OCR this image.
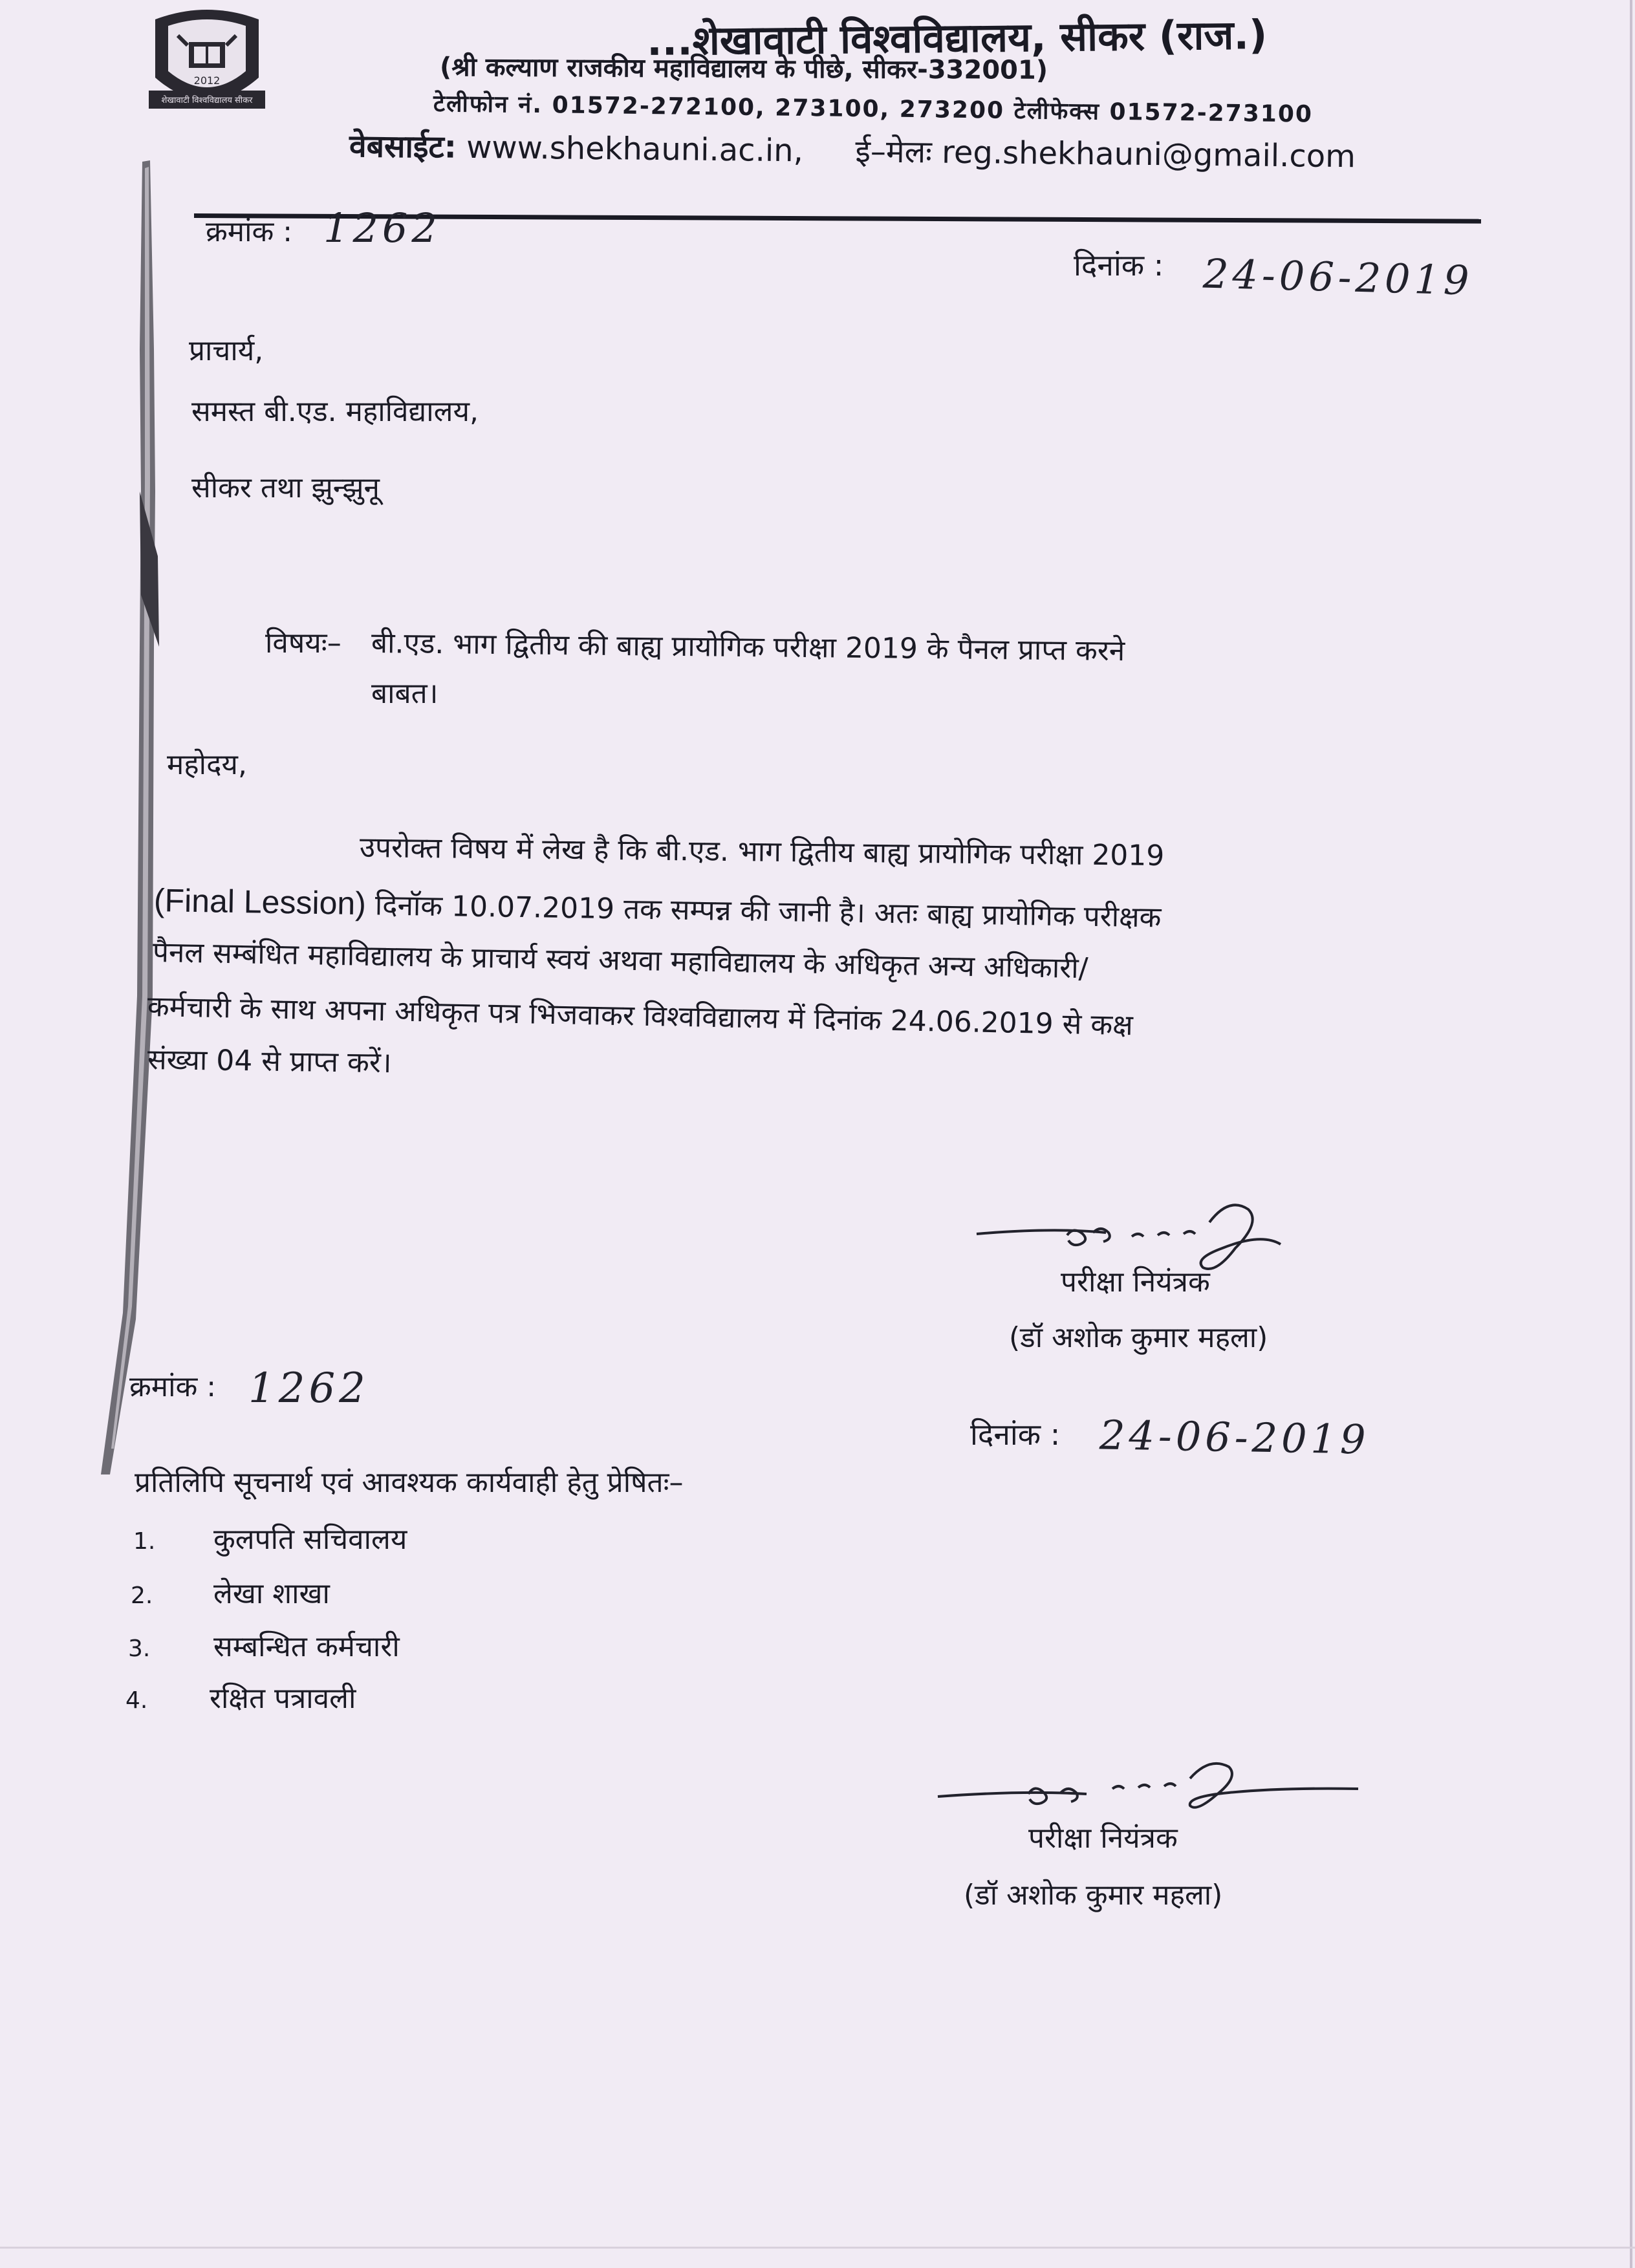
2012
शेखावाटी विश्वविद्यालय सीकर
...शेखावाटी विश्वविद्यालय, सीकर (राज.)
(श्री कल्याण राजकीय महाविद्यालय के पीछे, सीकर-332001)
टेलीफोन नं. 01572-272100, 273100, 273200 टेलीफेक्स 01572-273100
वेबसाईट: www.shekhauni.ac.in, ई–मेलः reg.shekhauni@gmail.com
क्रमांक : 1262
दिनांक : 24-06-2019
प्राचार्य,
समस्त बी.एड. महाविद्यालय,
सीकर तथा झुन्झुनू
विषयः– बी.एड. भाग द्वितीय की बाह्य प्रायोगिक परीक्षा 2019 के पैनल प्राप्त करने
बाबत।
महोदय,
उपरोक्त विषय में लेख है कि बी.एड. भाग द्वितीय बाह्य प्रायोगिक परीक्षा 2019
(Final Lession) दिनॉक 10.07.2019 तक सम्पन्न की जानी है। अतः बाह्य प्रायोगिक परीक्षक
पैनल सम्बंधित महाविद्यालय के प्राचार्य स्वयं अथवा महाविद्यालय के अधिकृत अन्य अधिकारी/
कर्मचारी के साथ अपना अधिकृत पत्र भिजवाकर विश्वविद्यालय में दिनांक 24.06.2019 से कक्ष
संख्या 04 से प्राप्त करें।
परीक्षा नियंत्रक
(डॉ अशोक कुमार महला)
क्रमांक : 1262
दिनांक : 24-06-2019
प्रतिलिपि सूचनार्थ एवं आवश्यक कार्यवाही हेतु प्रेषितः–
1. कुलपति सचिवालय
2. लेखा शाखा
3. सम्बन्धित कर्मचारी
4. रक्षित पत्रावली
परीक्षा नियंत्रक
(डॉ अशोक कुमार महला)
